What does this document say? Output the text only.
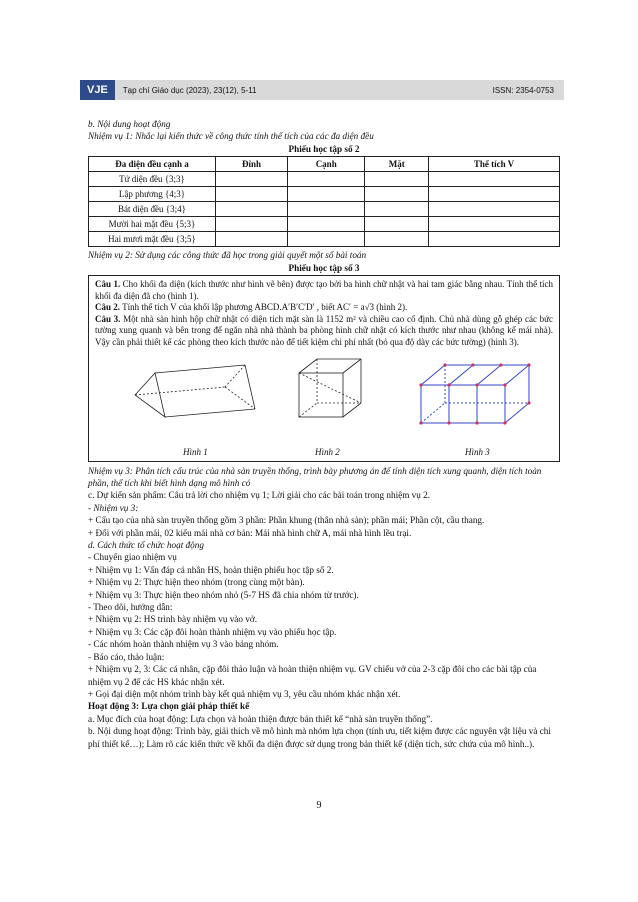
VJE	Tạp chí Giáo dục (2023), 23(12), 5-11	ISSN: 2354-0753

b. Nội dung hoạt động

Nhiệm vụ 1: Nhắc lại kiến thức về công thức tính thể tích của các đa diện đều

Phiếu học tập số 2

Đa diện đều cạnh a	Đỉnh	Cạnh	Mặt	Thể tích V
Tứ diện đều {3;3}				
Lập phương {4;3}				
Bát diện đều {3;4}				
Mười hai mặt đều {5;3}				
Hai mươi mặt đều {3;5}				

Nhiệm vụ 2: Sử dụng các công thức đã học trong giải quyết một số bài toán

Phiếu học tập số 3

Câu 1. Cho khối đa diện (kích thước như hình vẽ bên) được tạo bởi ba hình chữ nhật và hai tam giác bằng nhau. Tính thể tích khối đa diện đã cho (hình 1).

Câu 2. Tính thể tích V của khối lập phương ABCD.A′B′C′D′ , biết AC′ = a√3 (hình 2).

Câu 3. Một nhà sàn hình hộp chữ nhật có diện tích mặt sàn là 1152 m² và chiều cao cố định. Chủ nhà dùng gỗ ghép các bức tường xung quanh và bên trong để ngăn nhà nhà thành ba phòng hình chữ nhật có kích thước như nhau (không kể mái nhà). Vậy cần phải thiết kế các phòng theo kích thước nào để tiết kiệm chi phí nhất (bỏ qua độ dày các bức tường) (hình 3).

Hình 1	Hình 2	Hình 3

Nhiệm vụ 3: Phân tích cấu trúc của nhà sàn truyền thống, trình bày phương án để tính diện tích xung quanh, diện tích toàn phần, thể tích khi biết hình dạng mô hình có

c. Dự kiến sản phẩm: Câu trả lời cho nhiệm vụ 1; Lời giải cho các bài toán trong nhiệm vụ 2.

- Nhiệm vụ 3:

+ Cấu tạo của nhà sàn truyền thống gồm 3 phần: Phần khung (thân nhà sàn); phần mái; Phần cột, cầu thang.

+ Đối với phần mái, 02 kiểu mái nhà cơ bản: Mái nhà hình chữ A, mái nhà hình lều trại.

d. Cách thức tổ chức hoạt động

- Chuyển giao nhiệm vụ

+ Nhiệm vụ 1: Vấn đáp cá nhân HS, hoàn thiện phiếu học tập số 2.

+ Nhiệm vụ 2: Thực hiện theo nhóm (trong cùng một bàn).

+ Nhiệm vụ 3: Thực hiện theo nhóm nhỏ (5-7 HS đã chia nhóm từ trước).

- Theo dõi, hướng dẫn:

+ Nhiệm vụ 2: HS trình bày nhiệm vụ vào vở.

+ Nhiệm vụ 3: Các cặp đôi hoàn thành nhiệm vụ vào phiếu học tập.

- Các nhóm hoàn thành nhiệm vụ 3 vào bảng nhóm.

- Báo cáo, thảo luận:

+ Nhiệm vụ 2, 3: Các cá nhân, cặp đôi thảo luận và hoàn thiện nhiệm vụ. GV chiếu vở của 2-3 cặp đôi cho các bài tập của nhiệm vụ 2 để các HS khác nhận xét.

+ Gọi đại diện một nhóm trình bày kết quả nhiệm vụ 3, yêu cầu nhóm khác nhận xét.

Hoạt động 3: Lựa chọn giải pháp thiết kế

a. Mục đích của hoạt động: Lựa chọn và hoàn thiện được bản thiết kế “nhà sàn truyền thống”.

b. Nội dung hoạt động: Trình bày, giải thích về mô hình mà nhóm lựa chọn (tính ưu, tiết kiệm được các nguyên vật liệu và chi phí thiết kế…); Làm rõ các kiến thức về khối đa diện được sử dụng trong bản thiết kế (diện tích, sức chứa của mô hình..).

9
